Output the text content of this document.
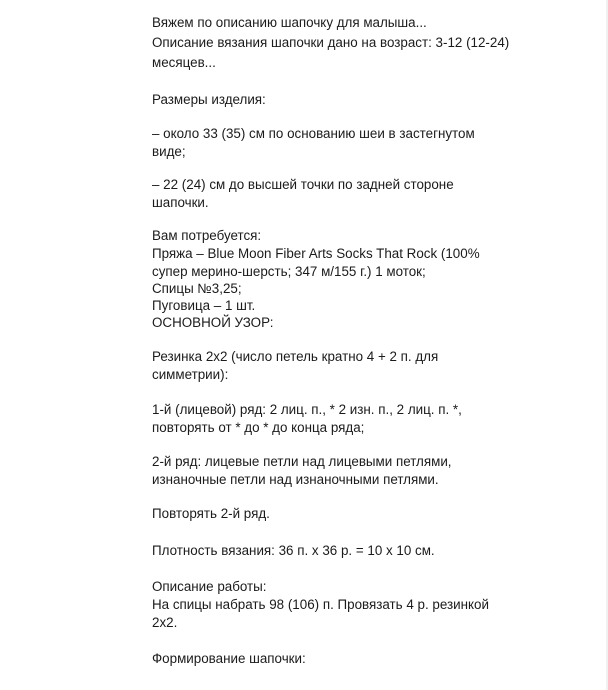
Вяжем по описанию шапочку для малыша...
Описание вязания шапочки дано на возраст: 3-12 (12-24)
месяцев...
Размеры изделия:
– около 33 (35) см по основанию шеи в застегнутом
виде;
– 22 (24) см до высшей точки по задней стороне
шапочки.
Вам потребуется:
Пряжа – Blue Moon Fiber Arts Socks That Rock (100%
супер мерино-шерсть; 347 м/155 г.) 1 моток;
Спицы №3,25;
Пуговица – 1 шт.
ОСНОВНОЙ УЗОР:
Резинка 2х2 (число петель кратно 4 + 2 п. для
симметрии):
1-й (лицевой) ряд: 2 лиц. п., * 2 изн. п., 2 лиц. п. *,
повторять от * до * до конца ряда;
2-й ряд: лицевые петли над лицевыми петлями,
изнаночные петли над изнаночными петлями.
Повторять 2-й ряд.
Плотность вязания: 36 п. х 36 р. = 10 х 10 см.
Описание работы:
На спицы набрать 98 (106) п. Провязать 4 р. резинкой
2х2.
Формирование шапочки:
